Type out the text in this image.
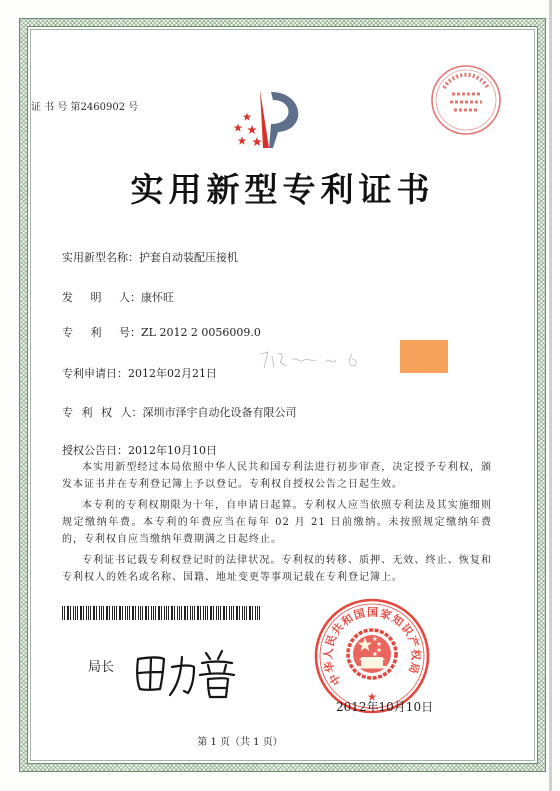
证 书 号 第2460902 号
实用新型专利证书
实用新型名称：护套自动装配压接机
发 明 人：康怀旺
专 利 号：ZL 2012 2 0056009.0
专利申请日：2012年02月21日
专 利 权 人：深圳市泽宇自动化设备有限公司
授权公告日：2012年10月10日

本实用新型经过本局依照中华人民共和国专利法进行初步审查，决定授予专利权，颁发本证书并在专利登记簿上予以登记。专利权自授权公告之日起生效。

本专利的专利权期限为十年，自申请日起算。专利权人应当依照专利法及其实施细则规定缴纳年费。本专利的年费应当在每年 02 月 21 日前缴纳。未按照规定缴纳年费的，专利权自应当缴纳年费期满之日起终止。

专利证书记载专利权登记时的法律状况。专利权的转移、质押、无效、终止、恢复和专利权人的姓名或名称、国籍、地址变更等事项记载在专利登记簿上。

局长
中华人民共和国国家知识产权局
2012年10月10日
第 1 页（共 1 页）
